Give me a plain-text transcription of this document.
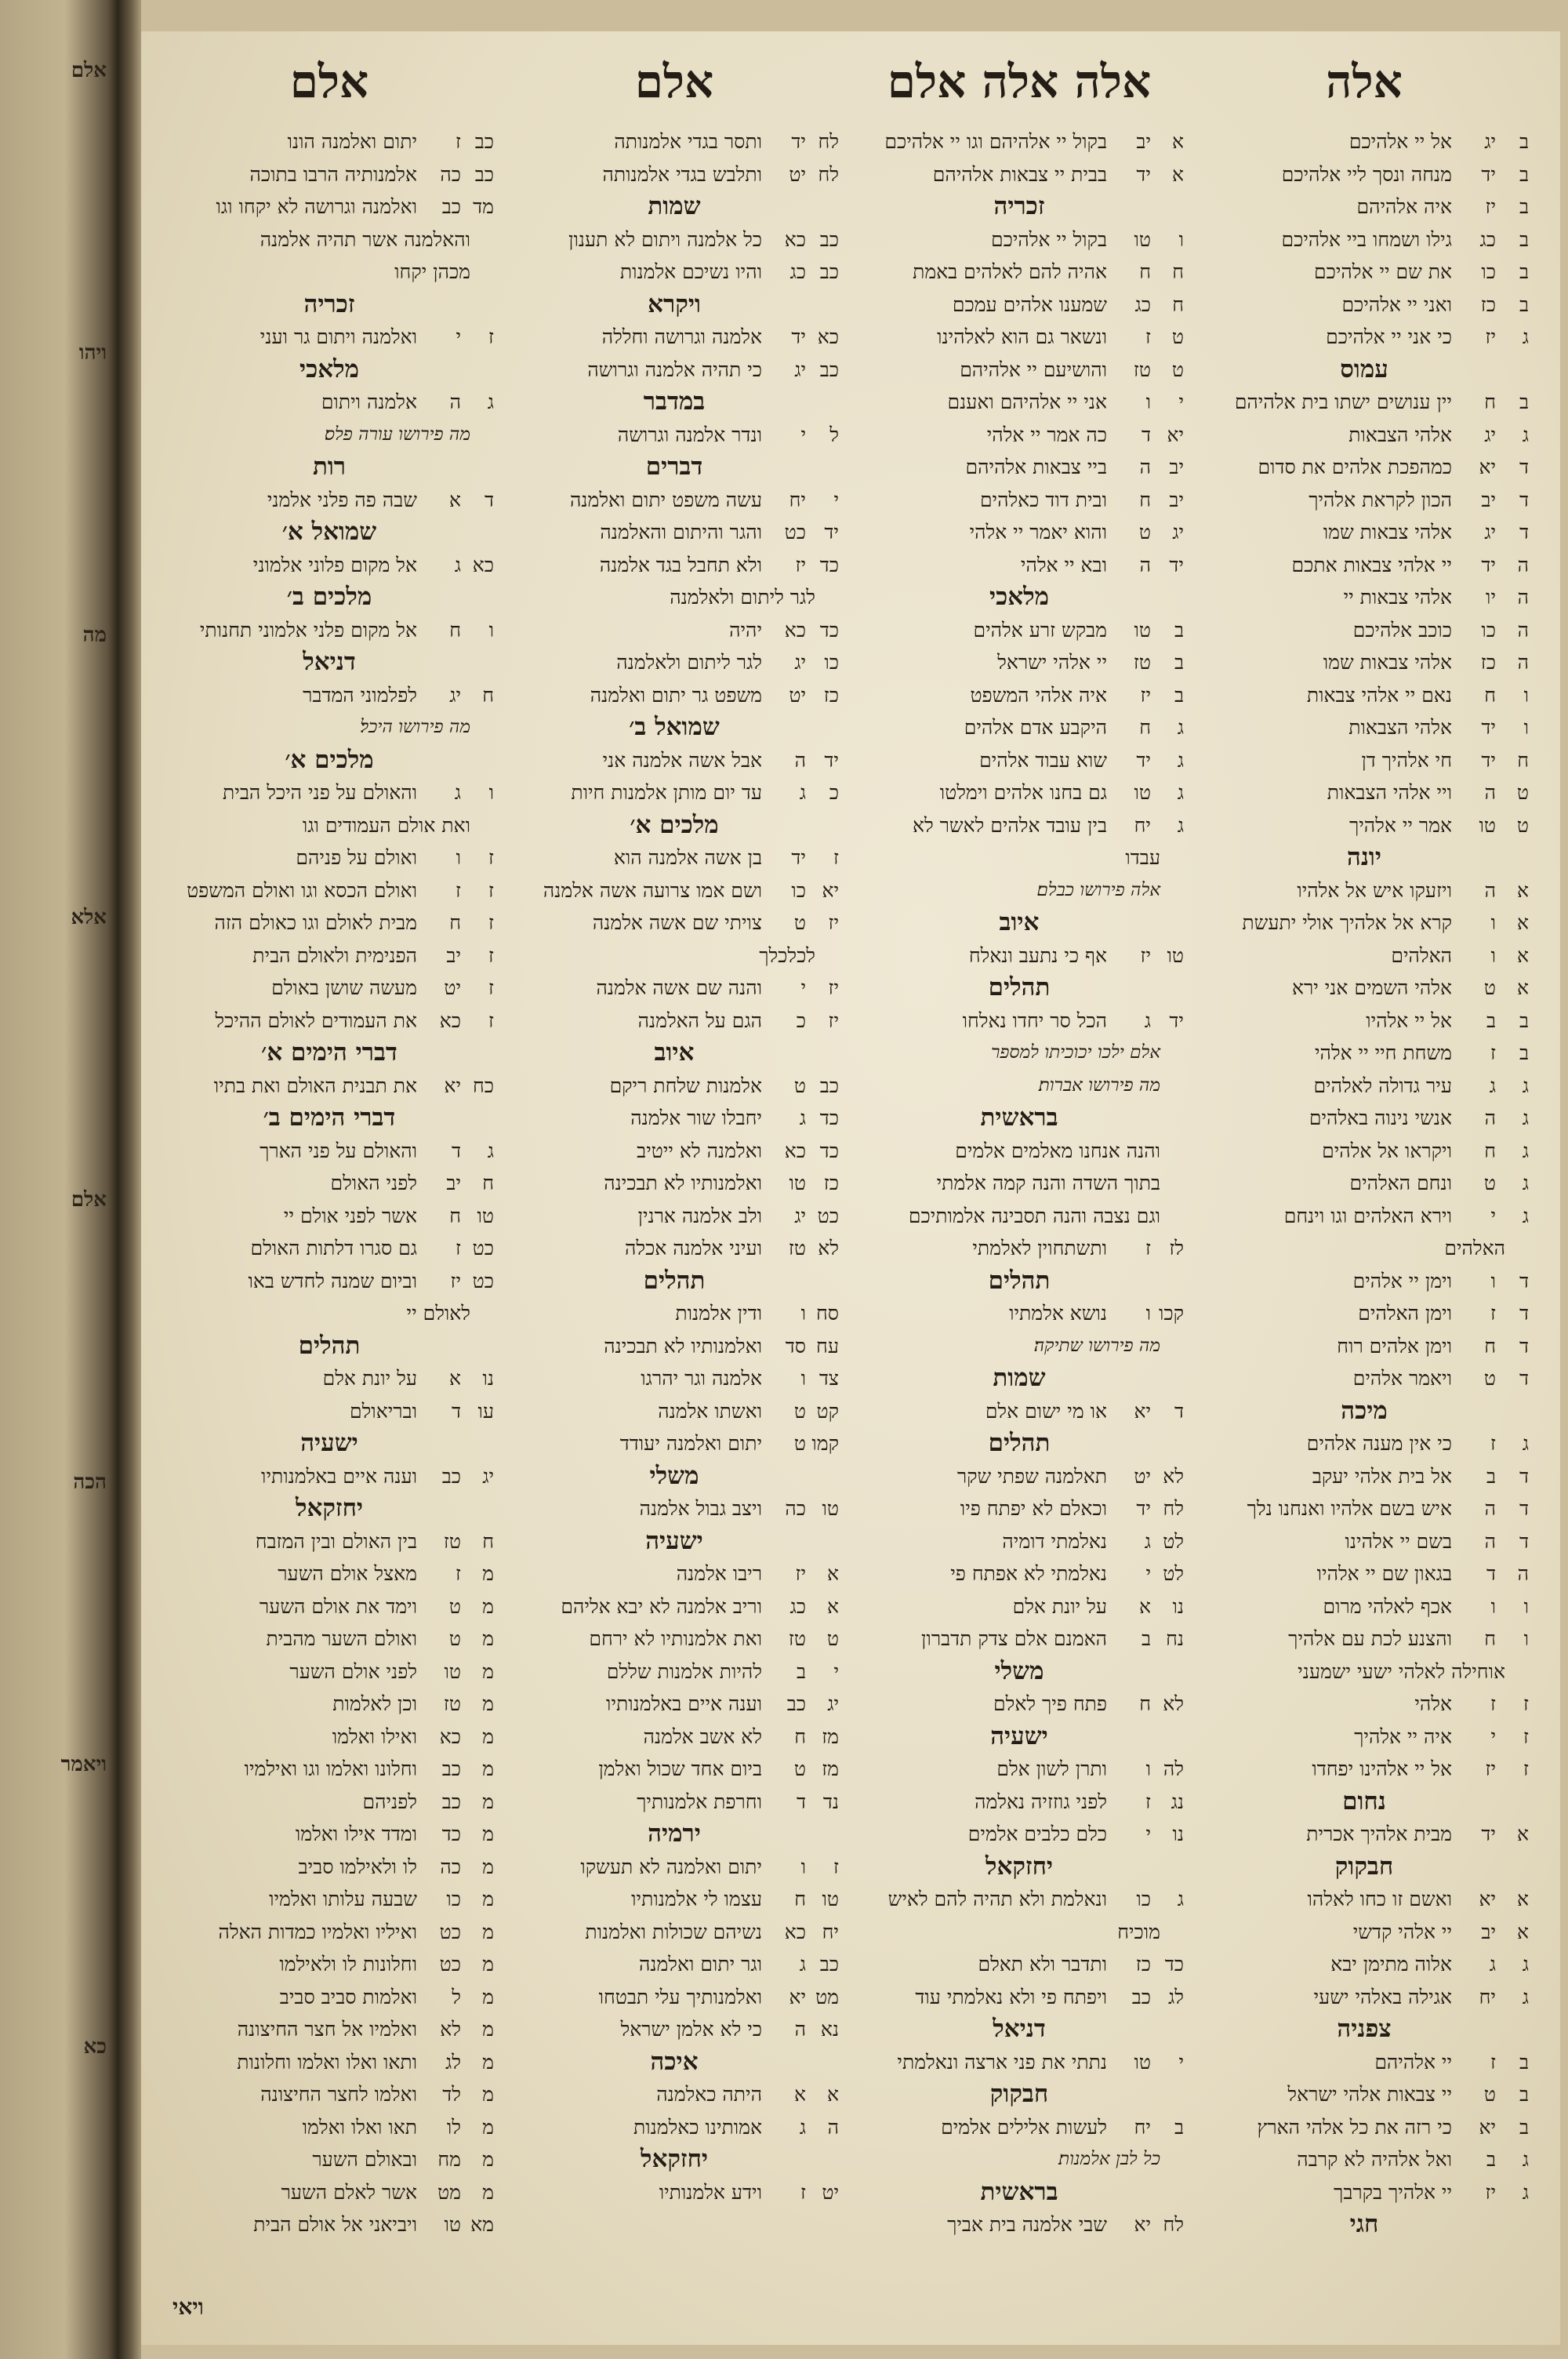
אלם
ויהו
מה
אלא
אלם
הכה
ויאמר
כא
אלה
אלה אלה אלם
אלם
אלם
ביג
אל יי אלהיכם
ביד
מנחה ונסך ליי אלהיכם
ביז
איה אלהיהם
בכג
גילו ושמחו ביי אלהיכם
בכו
את שם יי אלהיכם
בכז
ואני יי אלהיכם
גיז
כי אני יי אלהיכם
עמוס
בח
יין ענושים ישתו בית אלהיהם
גיג
אלהי הצבאות
דיא
כמהפכת אלהים את סדום
דיב
הכון לקראת אלהיך
דיג
אלהי צבאות שמו
היד
יי אלהי צבאות אתכם
היו
אלהי צבאות יי
הכו
כוכב אלהיכם
הכז
אלהי צבאות שמו
וח
נאם יי אלהי צבאות
ויד
אלהי הצבאות
חיד
חי אלהיך דן
טה
ויי אלהי הצבאות
טטו
אמר יי אלהיך
יונה
אה
ויזעקו איש אל אלהיו
או
קרא אל אלהיך אולי יתעשת
או
האלהים
אט
אלהי השמים אני ירא
בב
אל יי אלהיו
בז
משחת חיי יי אלהי
גג
עיר גדולה לאלהים
גה
אנשי נינוה באלהים
גח
ויקראו אל אלהים
גט
ונחם האלהים
גי
וירא האלהים וגו וינחם
האלהים
דו
וימן יי אלהים
דז
וימן האלהים
דח
וימן אלהים רוח
דט
ויאמר אלהים
מיכה
גז
כי אין מענה אלהים
דב
אל בית אלהי יעקב
דה
איש בשם אלהיו ואנחנו נלך
דה
בשם יי אלהינו
הד
בגאון שם יי אלהיו
וו
אכף לאלהי מרום
וח
והצנע לכת עם אלהיך
אוחילה לאלהי ישעי ישמעני
זז
אלהי
זי
איה יי אלהיך
זיז
אל יי אלהינו יפחדו
נחום
איד
מבית אלהיך אכרית
חבקוק
איא
ואשם זו כחו לאלהו
איב
יי אלהי קדשי
גג
אלוה מתימן יבא
גיח
אגילה באלהי ישעי
צפניה
בז
יי אלהיהם
בט
יי צבאות אלהי ישראל
ביא
כי רזה את כל אלהי הארץ
גב
ואל אלהיה לא קרבה
גיז
יי אלהיך בקרבך
חגי
איב
בקול יי אלהיהם וגו יי אלהיכם
איד
בבית יי צבאות אלהיהם
זכריה
וטו
בקול יי אלהיכם
חח
אהיה להם לאלהים באמת
חכג
שמענו אלהים עמכם
טז
ונשאר גם הוא לאלהינו
טטז
והושיעם יי אלהיהם
יו
אני יי אלהיהם ואענם
יאד
כה אמר יי אלהי
יבה
ביי צבאות אלהיהם
יבח
ובית דוד כאלהים
יגט
והוא יאמר יי אלהי
ידה
ובא יי אלהי
מלאכי
בטו
מבקש זרע אלהים
בטז
יי אלהי ישראל
ביז
איה אלהי המשפט
גח
היקבע אדם אלהים
גיד
שוא עבוד אלהים
גטו
גם בחנו אלהים וימלטו
גיח
בין עובד אלהים לאשר לא
עבדו
אלה פירושו כבלם׃
איוב
טויז
אף כי נתעב ונאלח
תהלים
ידג
הכל סר יחדו נאלחו
אלם ילכו יכוכיתו למספר
מה פירושו אברות׃
בראשית
והנה אנחנו מאלמים אלמים
בתוך השדה והנה קמה אלמתי
וגם נצבה והנה תסבינה אלמותיכם
לזז
ותשתחוין לאלמתי
תהלים
קכוו
נושא אלמתיו
מה פירושו שתיקה׃
שמות
דיא
או מי ישום אלם
תהלים
לאיט
תאלמנה שפתי שקר
לחיד
וכאלם לא יפתח פיו
לטג
נאלמתי דומיה
לטי
נאלמתי לא אפתח פי
נוא
על יונת אלם
נחב
האמנם אלם צדק תדברון
משלי
לאח
פתח פיך לאלם
ישעיה
להו
ותרן לשון אלם
נגז
לפני גוזזיה נאלמה
נוי
כלם כלבים אלמים
יחזקאל
גכו
ונאלמת ולא תהיה להם לאיש
מוכיח
כדכז
ותדבר ולא תאלם
לגכב
ויפתח פי ולא נאלמתי עוד
דניאל
יטו
נתתי את פני ארצה ונאלמתי
חבקוק
ביח
לעשות אלילים אלמים
כל לבן אלמנות׃
בראשית
לחיא
שבי אלמנה בית אביך
לחיד
ותסר בגדי אלמנותה
לחיט
ותלבש בגדי אלמנותה
שמות
כבכא
כל אלמנה ויתום לא תענון
כבכג
והיו נשיכם אלמנות
ויקרא
כאיד
אלמנה וגרושה וחללה
כביג
כי תהיה אלמנה וגרושה
במדבר
לי
ונדר אלמנה וגרושה
דברים
ייח
עשה משפט יתום ואלמנה
ידכט
והגר והיתום והאלמנה
כדיז
ולא תחבל בגד אלמנה
לגר ליתום ולאלמנה
כדכא
יהיה
כויג
לגר ליתום ולאלמנה
כזיט
משפט גר יתום ואלמנה
שמואל ב׳
ידה
אבל אשה אלמנה אני
כג
עד יום מותן אלמנות חיות
מלכים א׳
זיד
בן אשה אלמנה הוא
יאכו
ושם אמו צרועה אשה אלמנה
יזט
צויתי שם אשה אלמנה
לכלכלך
יזי
והנה שם אשה אלמנה
יזכ
הגם על האלמנה
איוב
כבט
אלמנות שלחת ריקם
כדג
יחבלו שור אלמנה
כדכא
ואלמנה לא ייטיב
כזטו
ואלמנותיו לא תבכינה
כטיג
ולב אלמנה ארנין
לאטז
ועיני אלמנה אכלה
תהלים
סחו
ודין אלמנות
עחסד
ואלמנותיו לא תבכינה
צדו
אלמנה וגר יהרגו
קטט
ואשתו אלמנה
קמוט
יתום ואלמנה יעודד
משלי
טוכה
ויצב גבול אלמנה
ישעיה
איז
ריבו אלמנה
אכג
וריב אלמנה לא יבא אליהם
טטז
ואת אלמנותיו לא ירחם
יב
להיות אלמנות שללם
יגכב
וענה איים באלמנותיו
מזח
לא אשב אלמנה
מזט
ביום אחד שכול ואלמן
נדד
וחרפת אלמנותיך
ירמיה
זו
יתום ואלמנה לא תעשקו
טוח
עצמו לי אלמנותיו
יחכא
נשיהם שכולות ואלמנות
כבג
וגר יתום ואלמנה
מטיא
ואלמנותיך עלי תבטחו
נאה
כי לא אלמן ישראל
איכה
אא
היתה כאלמנה
הג
אמותינו כאלמנות
יחזקאל
יטז
וידע אלמנותיו
כבז
יתום ואלמנה הונו
כבכה
אלמנותיה הרבו בתוכה
מדכב
ואלמנה וגרושה לא יקחו וגו
והאלמנה אשר תהיה אלמנה
מכהן יקחו
זכריה
זי
ואלמנה ויתום גר ועני
מלאכי
גה
אלמנה ויתום
מה פירושו עורה פלס׃
רות
דא
שבה פה פלני אלמני
שמואל א׳
כאג
אל מקום פלוני אלמוני
מלכים ב׳
וח
אל מקום פלני אלמוני תחנותי
דניאל
חיג
לפלמוני המדבר
מה פירושו היכל׃
מלכים א׳
וג
והאולם על פני היכל הבית
ואת אולם העמודים וגו
זו
ואולם על פניהם
זז
ואולם הכסא וגו ואולם המשפט
זח
מבית לאולם וגו כאולם הזה
זיב
הפנימית ולאולם הבית
זיט
מעשה שושן באולם
זכא
את העמודים לאולם ההיכל
דברי הימים א׳
כחיא
את תבנית האולם ואת בתיו
דברי הימים ב׳
גד
והאולם על פני הארך
חיב
לפני האולם
טוח
אשר לפני אולם יי
כטז
גם סגרו דלתות האולם
כטיז
וביום שמנה לחדש באו
לאולם יי
תהלים
נוא
על יונת אלם
עוד
ובריאולם
ישעיה
יגכב
וענה איים באלמנותיו
יחזקאל
חטז
בין האולם ובין המזבח
מז
מאצל אולם השער
מט
וימד את אולם השער
מט
ואולם השער מהבית
מטו
לפני אולם השער
מטז
וכן לאלמות
מכא
ואילו ואלמו
מכב
וחלונו ואלמו וגו ואילמיו
מכב
לפניהם
מכד
ומדד אילו ואלמו
מכה
לו ולאילמו סביב
מכו
שבעה עלותו ואלמיו
מכט
ואיליו ואלמיו כמדות האלה
מכט
וחלונות לו ולאילמו
מל
ואלמות סביב סביב
מלא
ואלמיו אל חצר החיצונה
מלג
ותאו ואלו ואלמו וחלונות
מלד
ואלמו לחצר החיצונה
מלו
תאו ואלו ואלמו
ממח
ובאולם השער
ממט
אשר לאלם השער
מאטו
ויביאני אל אולם הבית
ויאי
